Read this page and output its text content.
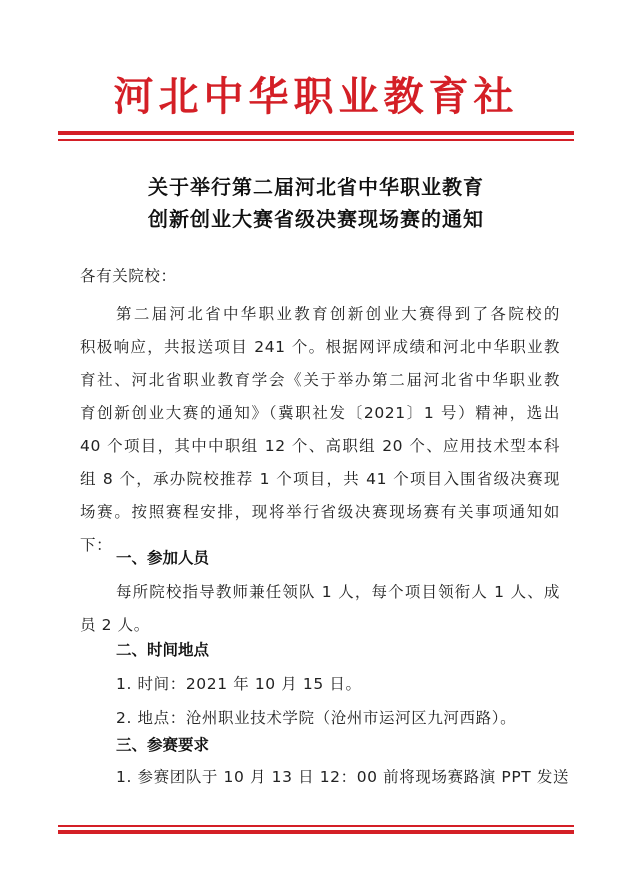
河北中华职业教育社
关于举行第二届河北省中华职业教育
创新创业大赛省级决赛现场赛的通知
各有关院校：
第二届河北省中华职业教育创新创业大赛得到了各院校的
积极响应，共报送项目 241 个。根据网评成绩和河北中华职业教
育社、河北省职业教育学会《关于举办第二届河北省中华职业教
育创新创业大赛的通知》（冀职社发〔2021〕1 号）精神，选出
40 个项目，其中中职组 12 个、高职组 20 个、应用技术型本科
组 8 个，承办院校推荐 1 个项目，共 41 个项目入围省级决赛现
场赛。按照赛程安排，现将举行省级决赛现场赛有关事项通知如
下：
一、参加人员
每所院校指导教师兼任领队 1 人，每个项目领衔人 1 人、成
员 2 人。
二、时间地点
1. 时间：2021 年 10 月 15 日。
2. 地点：沧州职业技术学院（沧州市运河区九河西路）。
三、参赛要求
1. 参赛团队于 10 月 13 日 12：00 前将现场赛路演 PPT 发送
